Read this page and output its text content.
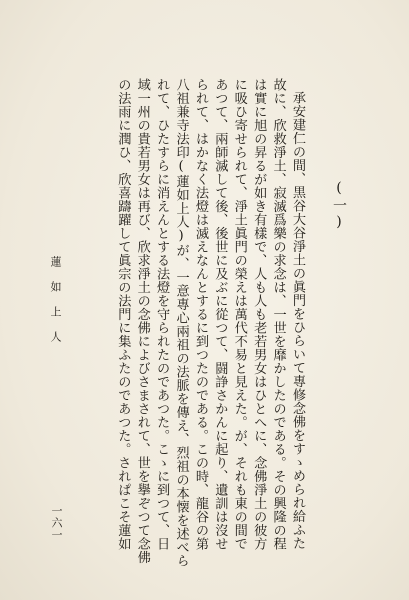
(一)
承安建仁の間、黒谷大谷淨土の眞門をひらいて專修念佛をすゝめられ給ふた
故に、欣救淨土、寂滅爲樂の求念は、一世を靡かしたのである。その興隆の程
は實に旭の昇るが如き有樣で、人も人も老若男女はひとへに、念佛淨土の彼方
に吸ひ寄せられて、淨土眞門の榮えは萬代不易と見えた。が、それも東の間で
あつて、兩師滅して後、後世に及ぶに從つて、闘諍さかんに起り、遺訓は沒せ
られて、はかなく法燈は滅えなんとするに到つたのである。この時、龍谷の第
八祖兼寺法印(蓮如上人)が、一意專心兩祖の法脈を傳え、烈祖の本懐を述べら
れて、ひたすらに消えんとする法燈を守られたのであつた。こゝに到つて、日
域一州の貴若男女は再び、欣求淨土の念佛によびさまされて、世を擧ぞつて念佛
の法雨に潤ひ、欣喜躊躍して眞宗の法門に集ふたのであつた。されぱこそ蓮如
蓮如上人
一六一
